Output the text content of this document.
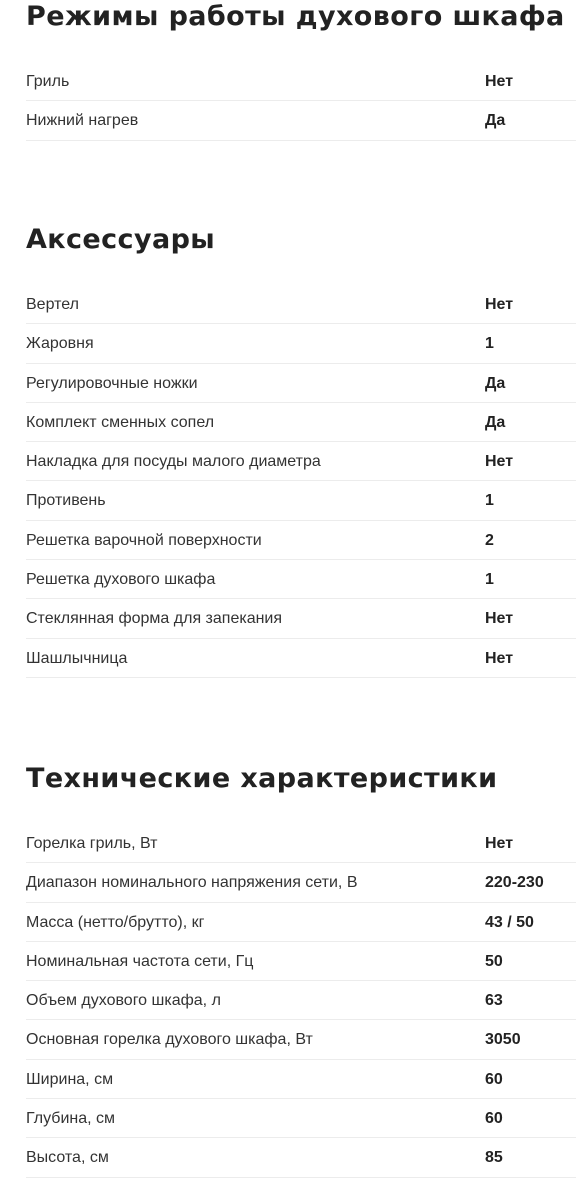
Режимы работы духового шкафа
Гриль	Нет
Нижний нагрев	Да
Аксессуары
Вертел	Нет
Жаровня	1
Регулировочные ножки	Да
Комплект сменных сопел	Да
Накладка для посуды малого диаметра	Нет
Противень	1
Решетка варочной поверхности	2
Решетка духового шкафа	1
Стеклянная форма для запекания	Нет
Шашлычница	Нет
Технические характеристики
Горелка гриль, Вт	Нет
Диапазон номинального напряжения сети, В	220-230
Масса (нетто/брутто), кг	43 / 50
Номинальная частота сети, Гц	50
Объем духового шкафа, л	63
Основная горелка духового шкафа, Вт	3050
Ширина, см	60
Глубина, см	60
Высота, см	85
